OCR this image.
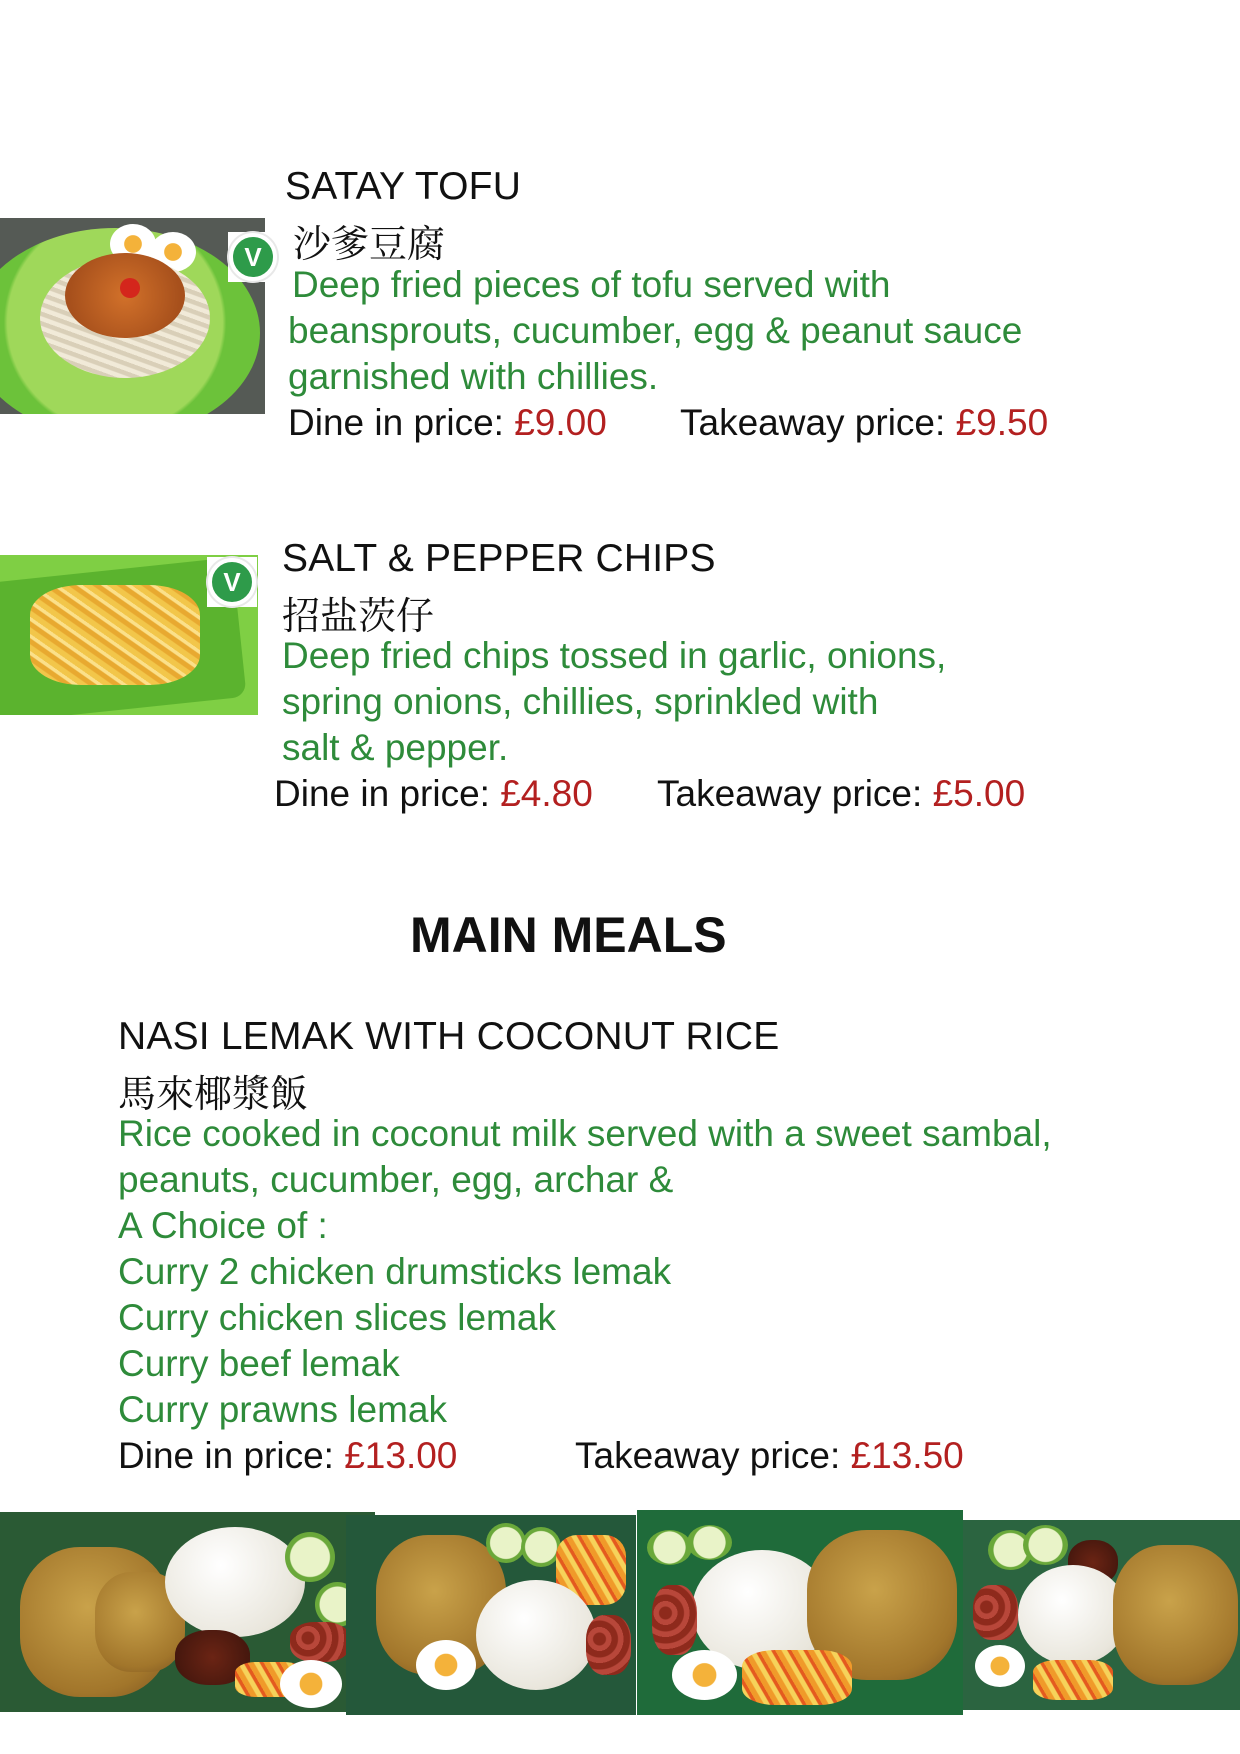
V
SATAY TOFU
沙爹豆腐
Deep fried pieces of tofu served with
beansprouts, cucumber, egg & peanut sauce
garnished with chillies.
Dine in price: £9.00 Takeaway price: £9.50
V
SALT & PEPPER CHIPS
招盐茨仔
Deep fried chips tossed in garlic, onions,
spring onions, chillies, sprinkled with
salt & pepper.
Dine in price: £4.80 Takeaway price: £5.00
MAIN MEALS
NASI LEMAK WITH COCONUT RICE
馬來椰漿飯
Rice cooked in coconut milk served with a sweet sambal,
peanuts, cucumber, egg, archar &
A Choice of :
Curry 2 chicken drumsticks lemak
Curry chicken slices lemak
Curry beef lemak
Curry prawns lemak
Dine in price: £13.00	Takeaway price: £13.50
